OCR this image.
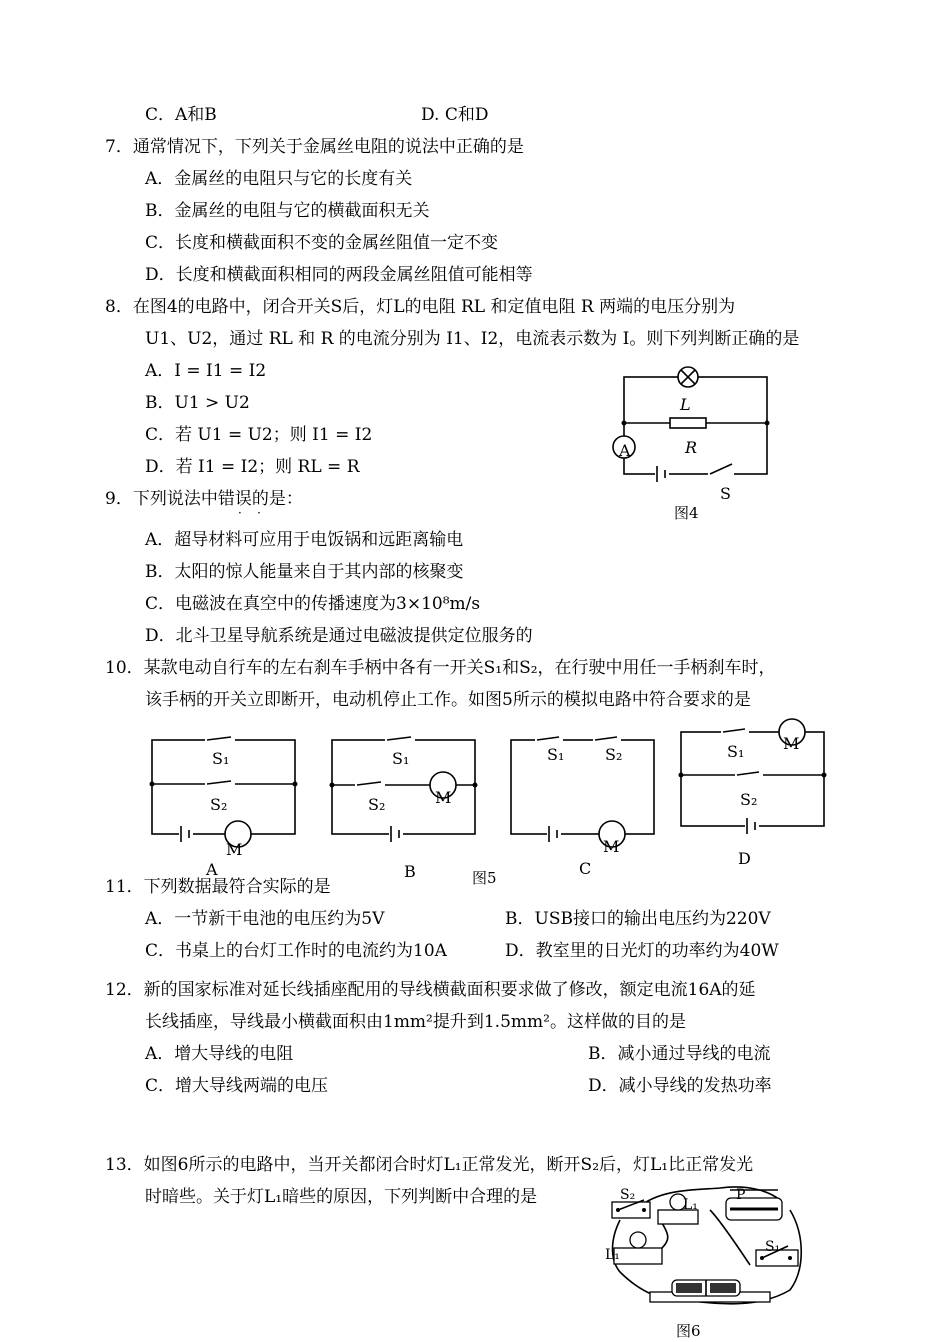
C．A和B	D. C和D
7．通常情况下，下列关于金属丝电阻的说法中正确的是
A．金属丝的电阻只与它的长度有关
B．金属丝的电阻与它的横截面积无关
C．长度和横截面积不变的金属丝阻值一定不变
D．长度和横截面积相同的两段金属丝阻值可能相等
8．在图4的电路中，闭合开关S后，灯L的电阻 RL 和定值电阻 R 两端的电压分别为
U1、U2，通过 RL 和 R 的电流分别为 I1、I2，电流表示数为 I。则下列判断正确的是
A．I = I1 = I2
B．U1 > U2
C．若 U1 = U2；则 I1 = I2
D．若 I1 = I2；则 RL = R
L
R
A
S
图4
9．下列说法中错误的是：
·    ·
A．超导材料可应用于电饭锅和远距离输电
B．太阳的惊人能量来自于其内部的核聚变
C．电磁波在真空中的传播速度为3×10⁸m/s
D．北斗卫星导航系统是通过电磁波提供定位服务的
10．某款电动自行车的左右刹车手柄中各有一开关S₁和S₂，在行驶中用任一手柄刹车时，
该手柄的开关立即断开，电动机停止工作。如图5所示的模拟电路中符合要求的是
S₁
S₂
M
A
S₁
S₂	M
B
S₁	S₂
M
C
S₁ M
S₂
D
图5
11．下列数据最符合实际的是
A．一节新干电池的电压约为5V	B．USB接口的输出电压约为220V
C．书桌上的台灯工作时的电流约为10A	D．教室里的日光灯的功率约为40W
12．新的国家标准对延长线插座配用的导线横截面积要求做了修改，额定电流16A的延
长线插座，导线最小横截面积由1mm²提升到1.5mm²。这样做的目的是
A．增大导线的电阻	B．减小通过导线的电流
C．增大导线两端的电压	D．减小导线的发热功率
13．如图6所示的电路中，当开关都闭合时灯L₁正常发光，断开S₂后，灯L₁比正常发光
时暗些。关于灯L₁暗些的原因，下列判断中合理的是	S₂
L₁
P
L₁	S₁
图6
